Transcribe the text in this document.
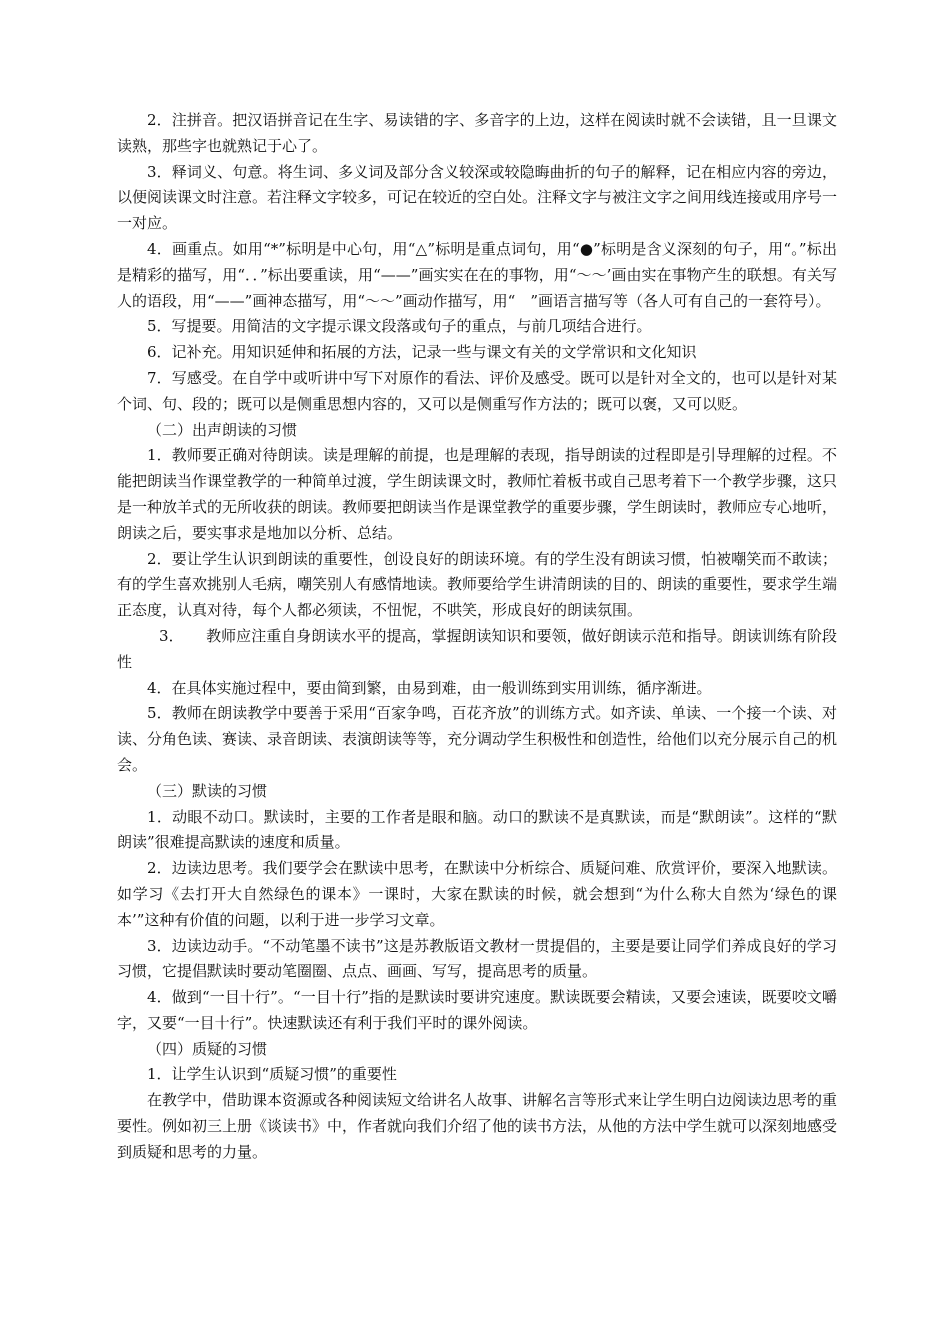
2．注拼音。把汉语拼音记在生字、易读错的字、多音字的上边，这样在阅读时就不会读错，且一旦课文读熟，那些字也就熟记于心了。

3．释词义、句意。将生词、多义词及部分含义较深或较隐晦曲折的句子的解释，记在相应内容的旁边，以便阅读课文时注意。若注释文字较多，可记在较近的空白处。注释文字与被注文字之间用线连接或用序号一一对应。

4．画重点。如用“*”标明是中心句，用“△”标明是重点词句，用“●”标明是含义深刻的句子，用“。”标出是精彩的描写，用“．．”标出要重读，用“——”画实实在在的事物，用“～～’画由实在事物产生的联想。有关写人的语段，用“——”画神态描写，用“～～”画动作描写，用“　”画语言描写等（各人可有自己的一套符号）。

5．写提要。用简洁的文字提示课文段落或句子的重点，与前几项结合进行。

6．记补充。用知识延伸和拓展的方法，记录一些与课文有关的文学常识和文化知识

7．写感受。在自学中或听讲中写下对原作的看法、评价及感受。既可以是针对全文的，也可以是针对某个词、句、段的；既可以是侧重思想内容的，又可以是侧重写作方法的；既可以褒，又可以贬。

（二）出声朗读的习惯

1．教师要正确对待朗读。读是理解的前提，也是理解的表现，指导朗读的过程即是引导理解的过程。不能把朗读当作课堂教学的一种简单过渡，学生朗读课文时，教师忙着板书或自己思考着下一个教学步骤，这只是一种放羊式的无所收获的朗读。教师要把朗读当作是课堂教学的重要步骤，学生朗读时，教师应专心地听，朗读之后，要实事求是地加以分析、总结。

2．要让学生认识到朗读的重要性，创设良好的朗读环境。有的学生没有朗读习惯，怕被嘲笑而不敢读；有的学生喜欢挑别人毛病，嘲笑别人有感情地读。教师要给学生讲清朗读的目的、朗读的重要性，要求学生端正态度，认真对待，每个人都必须读，不忸怩，不哄笑，形成良好的朗读氛围。

3．　　教师应注重自身朗读水平的提高，掌握朗读知识和要领，做好朗读示范和指导。朗读训练有阶段性

4．在具体实施过程中，要由简到繁，由易到难，由一般训练到实用训练，循序渐进。

5．教师在朗读教学中要善于采用“百家争鸣，百花齐放”的训练方式。如齐读、单读、一个接一个读、对读、分角色读、赛读、录音朗读、表演朗读等等，充分调动学生积极性和创造性，给他们以充分展示自己的机会。

（三）默读的习惯

1．动眼不动口。默读时，主要的工作者是眼和脑。动口的默读不是真默读，而是“默朗读”。这样的“默朗读”很难提高默读的速度和质量。

2．边读边思考。我们要学会在默读中思考，在默读中分析综合、质疑问难、欣赏评价，要深入地默读。如学习《去打开大自然绿色的课本》一课时，大家在默读的时候，就会想到“为什么称大自然为‘绿色的课本’”这种有价值的问题，以利于进一步学习文章。

3．边读边动手。“不动笔墨不读书”这是苏教版语文教材一贯提倡的，主要是要让同学们养成良好的学习习惯，它提倡默读时要动笔圈圈、点点、画画、写写，提高思考的质量。

4．做到“一目十行”。“一目十行”指的是默读时要讲究速度。默读既要会精读，又要会速读，既要咬文嚼字，又要“一目十行”。快速默读还有利于我们平时的课外阅读。

（四）质疑的习惯

1．让学生认识到“质疑习惯”的重要性

在教学中，借助课本资源或各种阅读短文给讲名人故事、讲解名言等形式来让学生明白边阅读边思考的重要性。例如初三上册《谈读书》中，作者就向我们介绍了他的读书方法，从他的方法中学生就可以深刻地感受到质疑和思考的力量。
